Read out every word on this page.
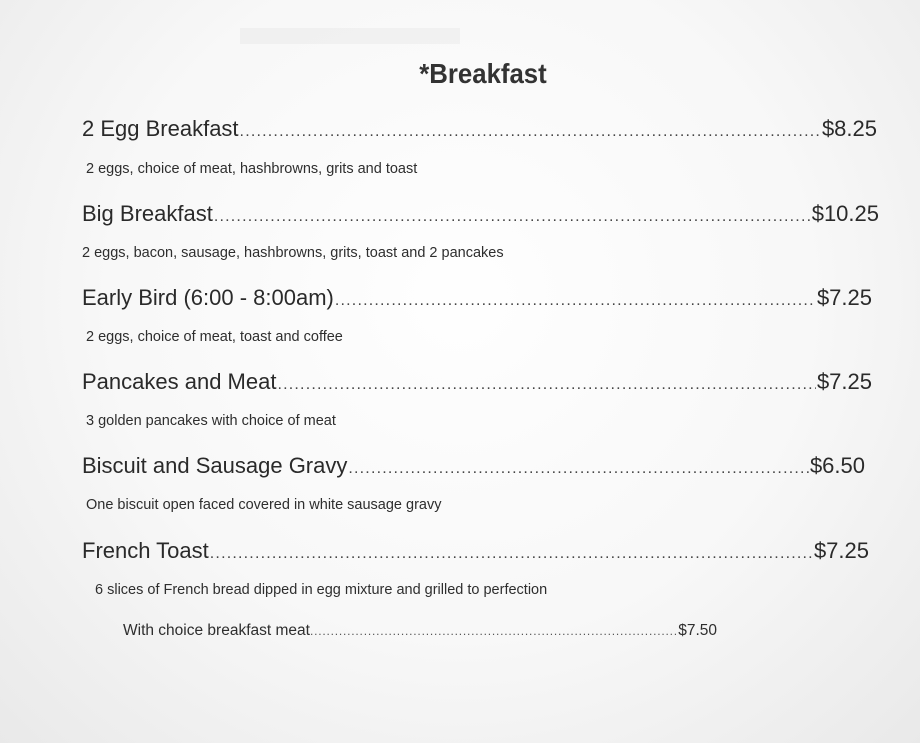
*Breakfast
2 Egg Breakfast .....	$8.25
2 eggs, choice of meat, hashbrowns, grits and toast
Big Breakfast .....	$10.25
2 eggs, bacon, sausage, hashbrowns, grits, toast and 2 pancakes
Early Bird (6:00 - 8:00am) .....	$7.25
2 eggs, choice of meat, toast and coffee
Pancakes and Meat .....	$7.25
3 golden pancakes with choice of meat
Biscuit and Sausage Gravy .....	$6.50
One biscuit open faced covered in white sausage gravy
French Toast .....	$7.25
6 slices of French bread dipped in egg mixture and grilled to perfection
With choice breakfast meat .....	$7.50
